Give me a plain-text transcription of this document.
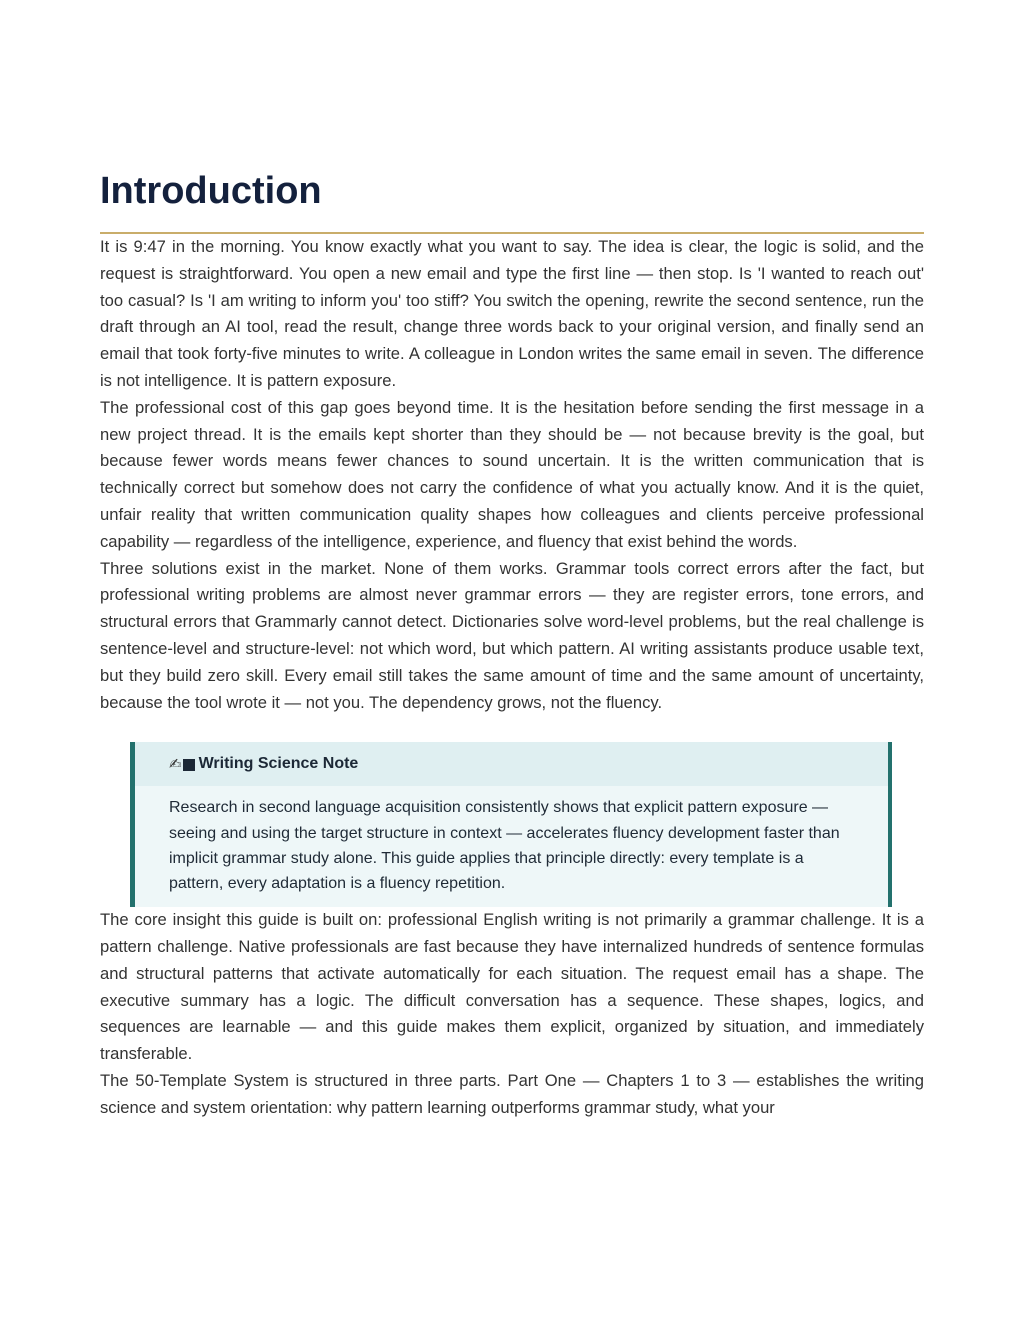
Introduction

It is 9:47 in the morning. You know exactly what you want to say. The idea is clear, the logic is solid, and the request is straightforward. You open a new email and type the first line — then stop. Is 'I wanted to reach out' too casual? Is 'I am writing to inform you' too stiff? You switch the opening, rewrite the second sentence, run the draft through an AI tool, read the result, change three words back to your original version, and finally send an email that took forty-five minutes to write. A colleague in London writes the same email in seven. The difference is not intelligence. It is pattern exposure.

The professional cost of this gap goes beyond time. It is the hesitation before sending the first message in a new project thread. It is the emails kept shorter than they should be — not because brevity is the goal, but because fewer words means fewer chances to sound uncertain. It is the written communication that is technically correct but somehow does not carry the confidence of what you actually know. And it is the quiet, unfair reality that written communication quality shapes how colleagues and clients perceive professional capability — regardless of the intelligence, experience, and fluency that exist behind the words.

Three solutions exist in the market. None of them works. Grammar tools correct errors after the fact, but professional writing problems are almost never grammar errors — they are register errors, tone errors, and structural errors that Grammarly cannot detect. Dictionaries solve word-level problems, but the real challenge is sentence-level and structure-level: not which word, but which pattern. AI writing assistants produce usable text, but they build zero skill. Every email still takes the same amount of time and the same amount of uncertainty, because the tool wrote it — not you. The dependency grows, not the fluency.

✍ Writing Science Note
Research in second language acquisition consistently shows that explicit pattern exposure — seeing and using the target structure in context — accelerates fluency development faster than implicit grammar study alone. This guide applies that principle directly: every template is a pattern, every adaptation is a fluency repetition.

The core insight this guide is built on: professional English writing is not primarily a grammar challenge. It is a pattern challenge. Native professionals are fast because they have internalized hundreds of sentence formulas and structural patterns that activate automatically for each situation. The request email has a shape. The executive summary has a logic. The difficult conversation has a sequence. These shapes, logics, and sequences are learnable — and this guide makes them explicit, organized by situation, and immediately transferable.

The 50-Template System is structured in three parts. Part One — Chapters 1 to 3 — establishes the writing science and system orientation: why pattern learning outperforms grammar study, what your
